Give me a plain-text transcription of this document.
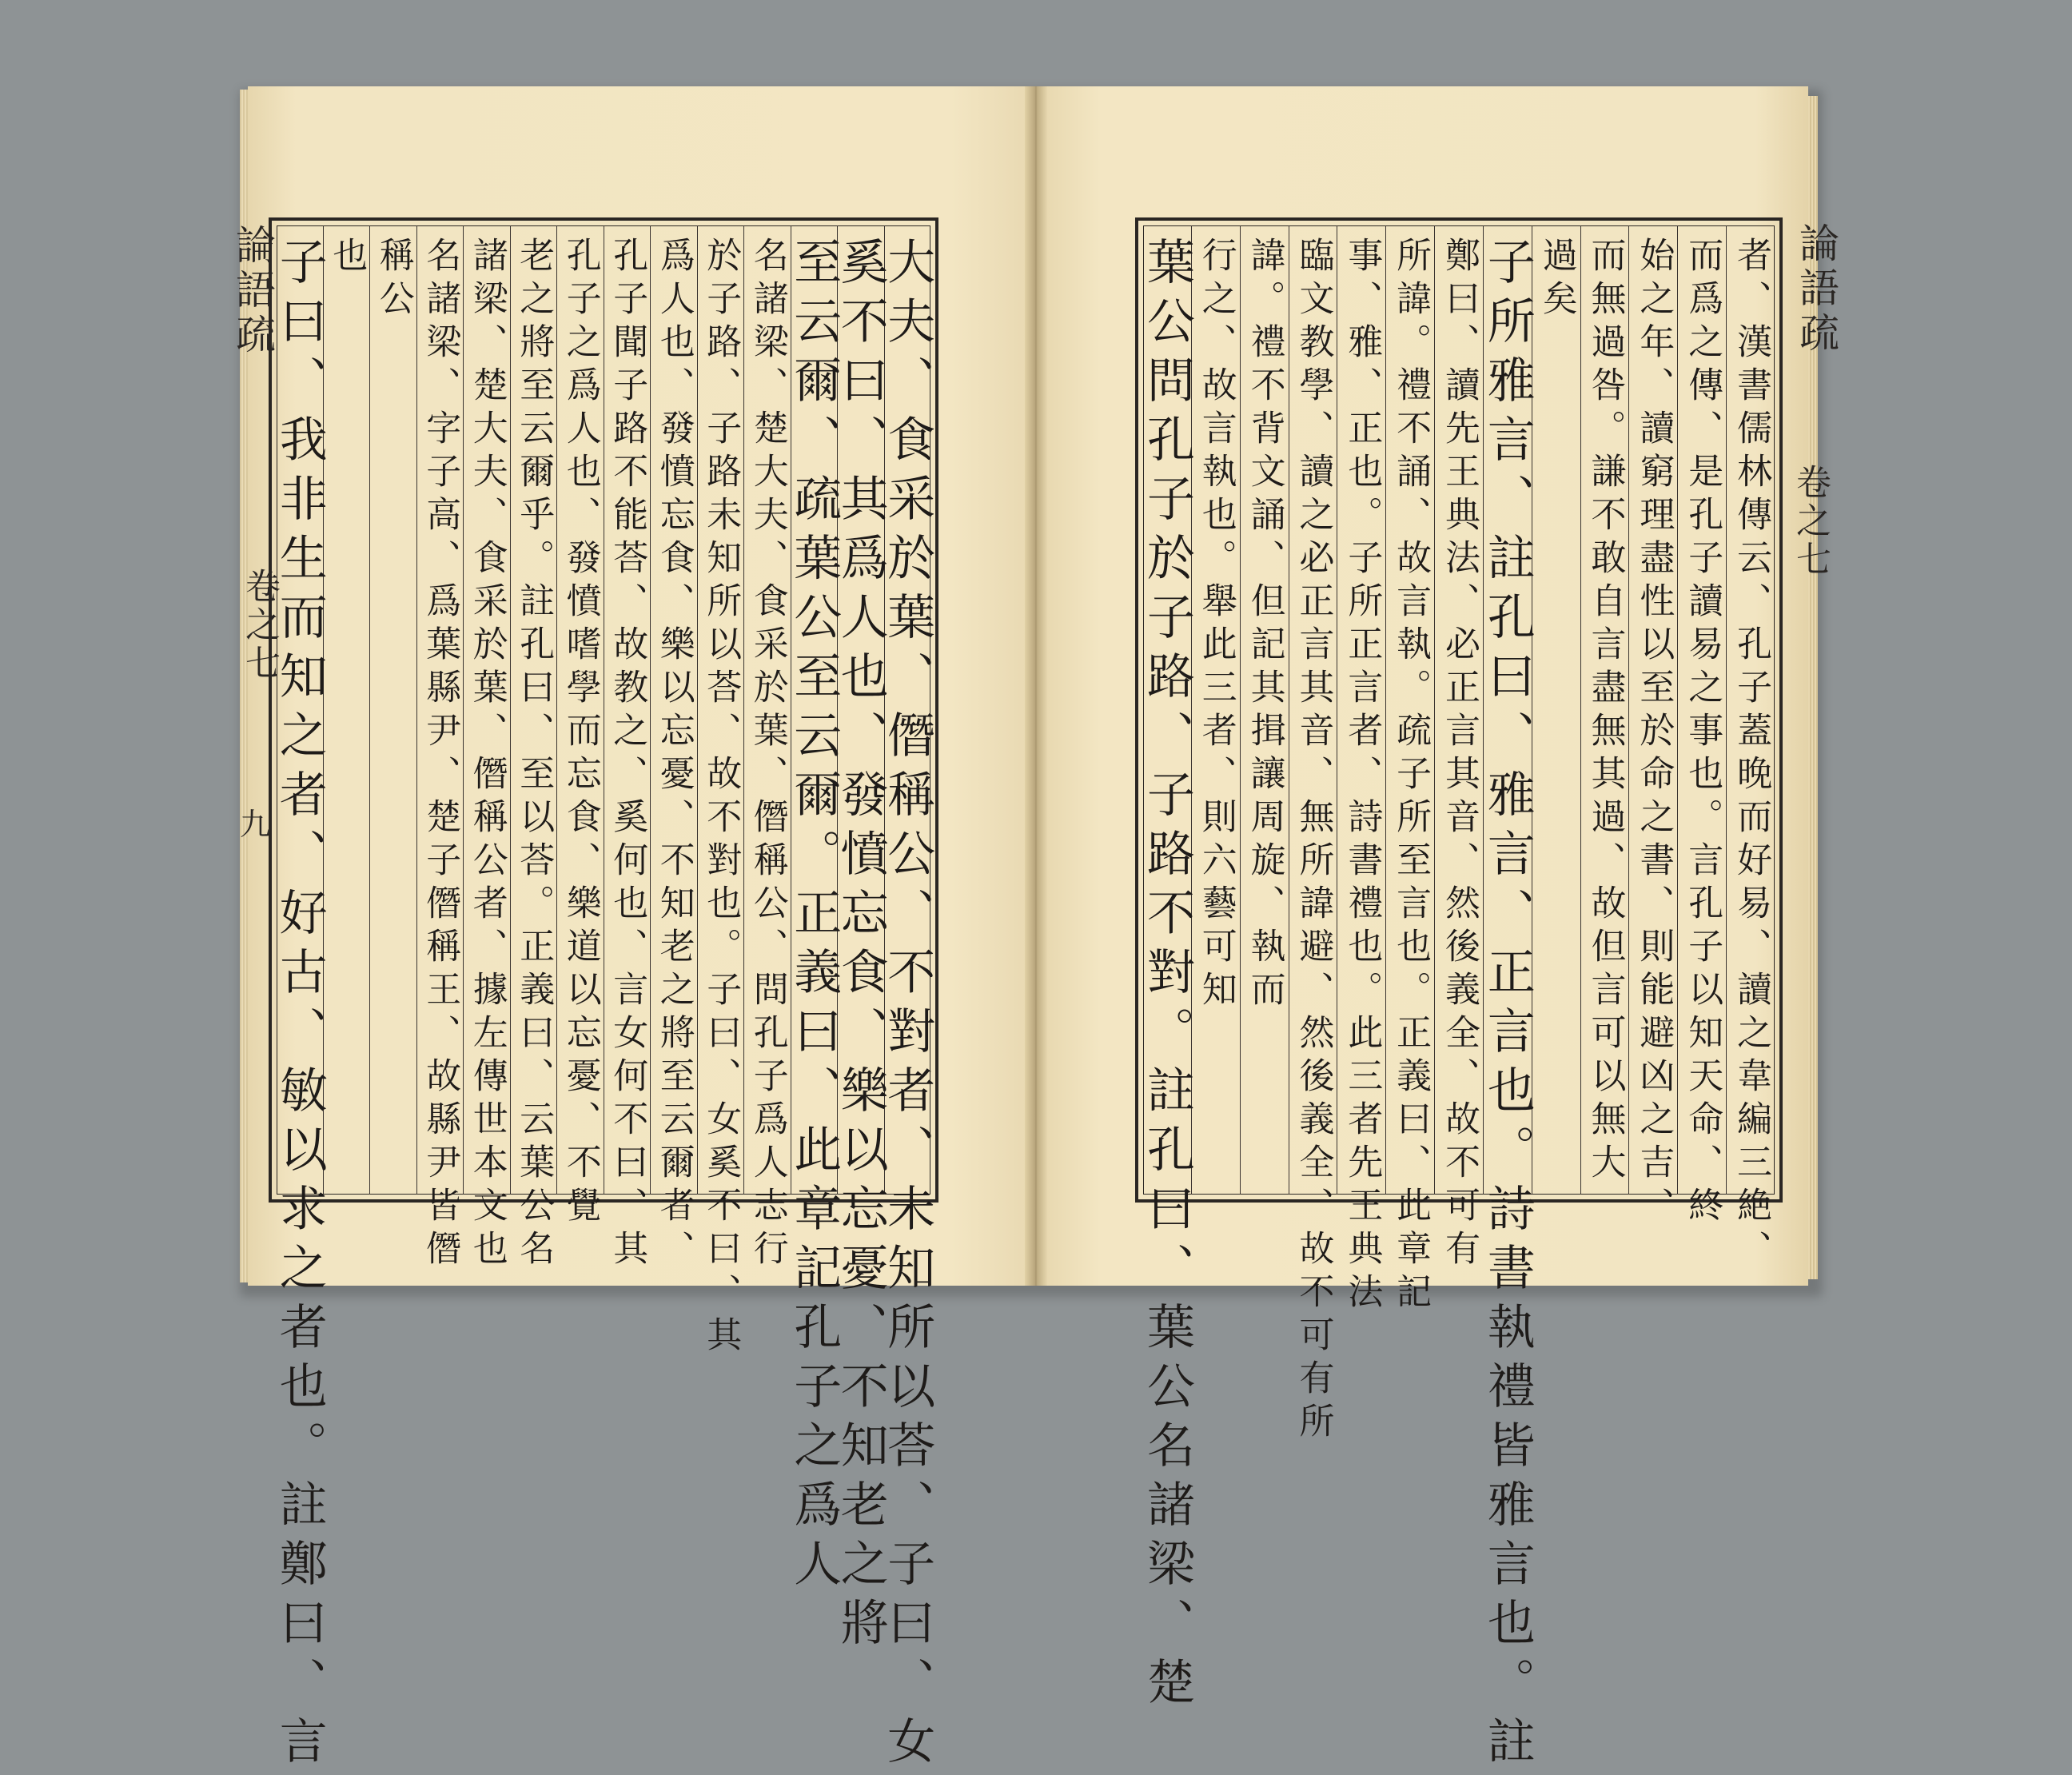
論語疏
卷之七
九
論語疏
卷之七
大夫、食采於葉、僭稱公、不對者、未知所以荅、子曰、女
奚不曰、其爲人也、發憤忘食、樂以忘憂、不知老之將
至云爾、疏葉公至云爾。正義曰、此章記孔子之爲人
名諸梁、楚大夫、食采於葉、僭稱公、問孔子爲人志行
於子路、子路未知所以荅、故不對也。子曰、女奚不曰、其
爲人也、發憤忘食、樂以忘憂、不知老之將至云爾者、
孔子聞子路不能荅、故教之、奚何也、言女何不曰、其
孔子之爲人也、發憤嗜學而忘食、樂道以忘憂、不覺
老之將至云爾乎。註孔曰、至以荅。正義曰、云葉公名
諸梁、楚大夫、食采於葉、僭稱公者、據左傳世本文也
名諸梁、字子高、爲葉縣尹、楚子僭稱王、故縣尹皆僭
稱公
也
子曰、我非生而知之者、好古、敏以求之者也。註鄭曰、言	者、漢書儒林傳云、孔子蓋晚而好易、讀之韋編三絶、
而爲之傳、是孔子讀易之事也。言孔子以知天命、終
始之年、讀窮理盡性以至於命之書、則能避凶之吉、
而無過咎。謙不敢自言盡無其過、故但言可以無大
過矣
子所雅言、註孔曰、雅言、正言也。詩書執禮皆雅言也。註
鄭曰、讀先王典法、必正言其音、然後義全、故不可有
所諱。禮不誦、故言執。疏子所至言也。正義曰、此章記
事、雅、正也。子所正言者、詩書禮也。此三者先王典法
臨文教學、讀之必正言其音、無所諱避、然後義全、故不可有所
諱。禮不背文誦、但記其揖讓周旋、執而
行之、故言執也。舉此三者、則六藝可知
葉公問孔子於子路、子路不對。註孔曰、葉公名諸梁、楚
